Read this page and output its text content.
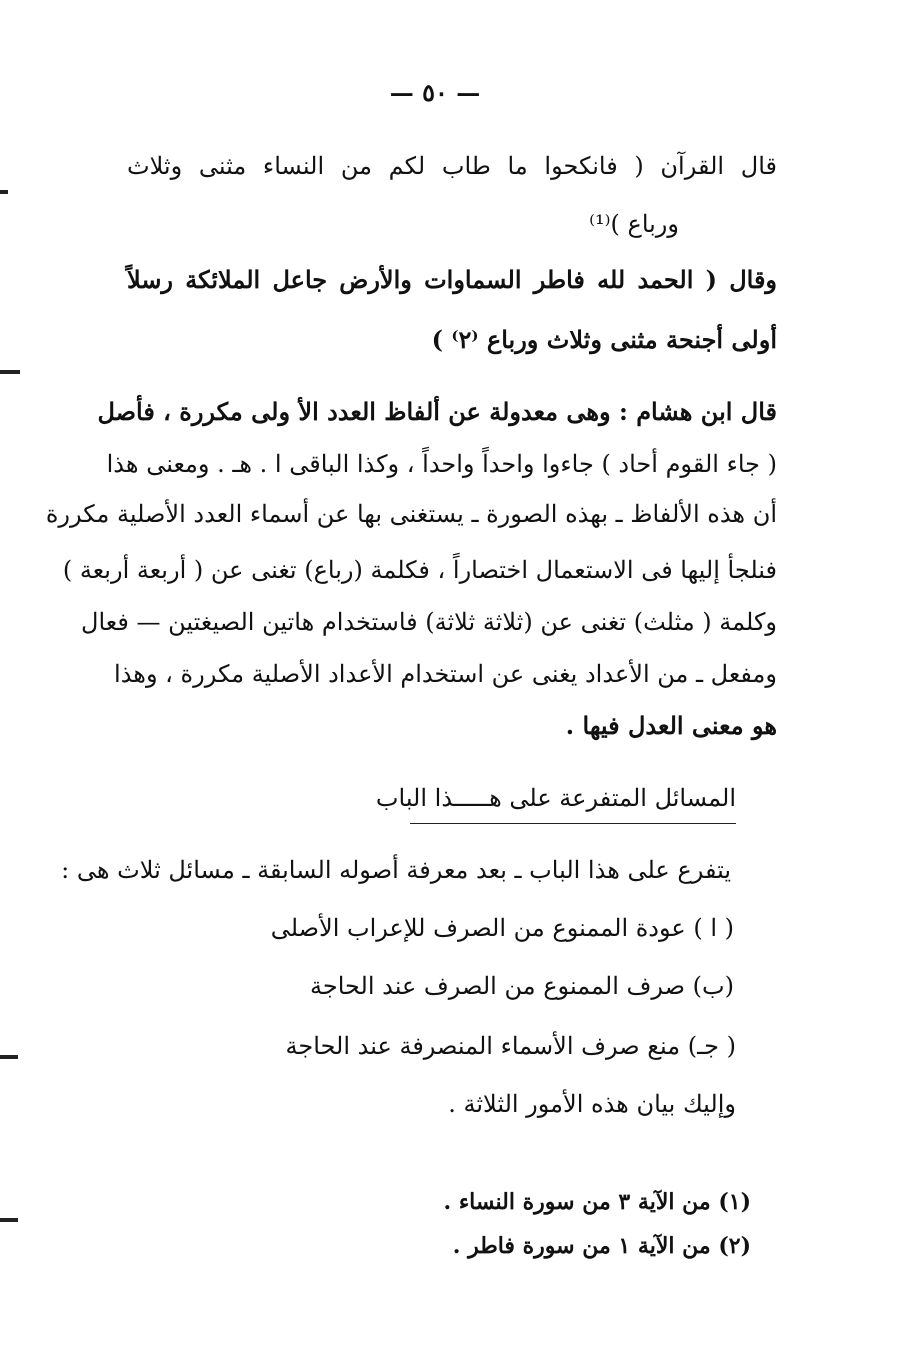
— ٥٠ —
قال القرآن ( فانكحوا ما طاب لكم من النساء مثنى وثلاث
ورباع )⁽¹⁾
وقال ( الحمد لله فاطر السماوات والأرض جاعل الملائكة رسلاً
أولى أجنحة مثنى وثلاث ورباع ⁽٢⁾ )
قال ابن هشام : وهى معدولة عن ألفاظ العدد الأ ولى مكررة ، فأصل
( جاء القوم أحاد ) جاءوا واحداً واحداً ، وكذا الباقى ا . هـ . ومعنى هذا
أن هذه الألفاظ ـ بهذه الصورة ـ يستغنى بها عن أسماء العدد الأصلية مكررة
فنلجأ إليها فى الاستعمال اختصاراً ، فكلمة (رباع) تغنى عن ( أربعة أربعة )
وكلمة ( مثلث) تغنى عن (ثلاثة ثلاثة) فاستخدام هاتين الصيغتين — فعال
ومفعل ـ من الأعداد يغنى عن استخدام الأعداد الأصلية مكررة ، وهذا
هو معنى العدل فيها .
المسائل المتفرعة على هـــــذا الباب
يتفرع على هذا الباب ـ بعد معرفة أصوله السابقة ـ مسائل ثلاث هى :
( ا ) عودة الممنوع من الصرف للإعراب الأصلى
(ب) صرف الممنوع من الصرف عند الحاجة
( جـ) منع صرف الأسماء المنصرفة عند الحاجة
وإليك بيان هذه الأمور الثلاثة .
(١) من الآية ٣ من سورة النساء .
(٢) من الآية ١ من سورة فاطر .
